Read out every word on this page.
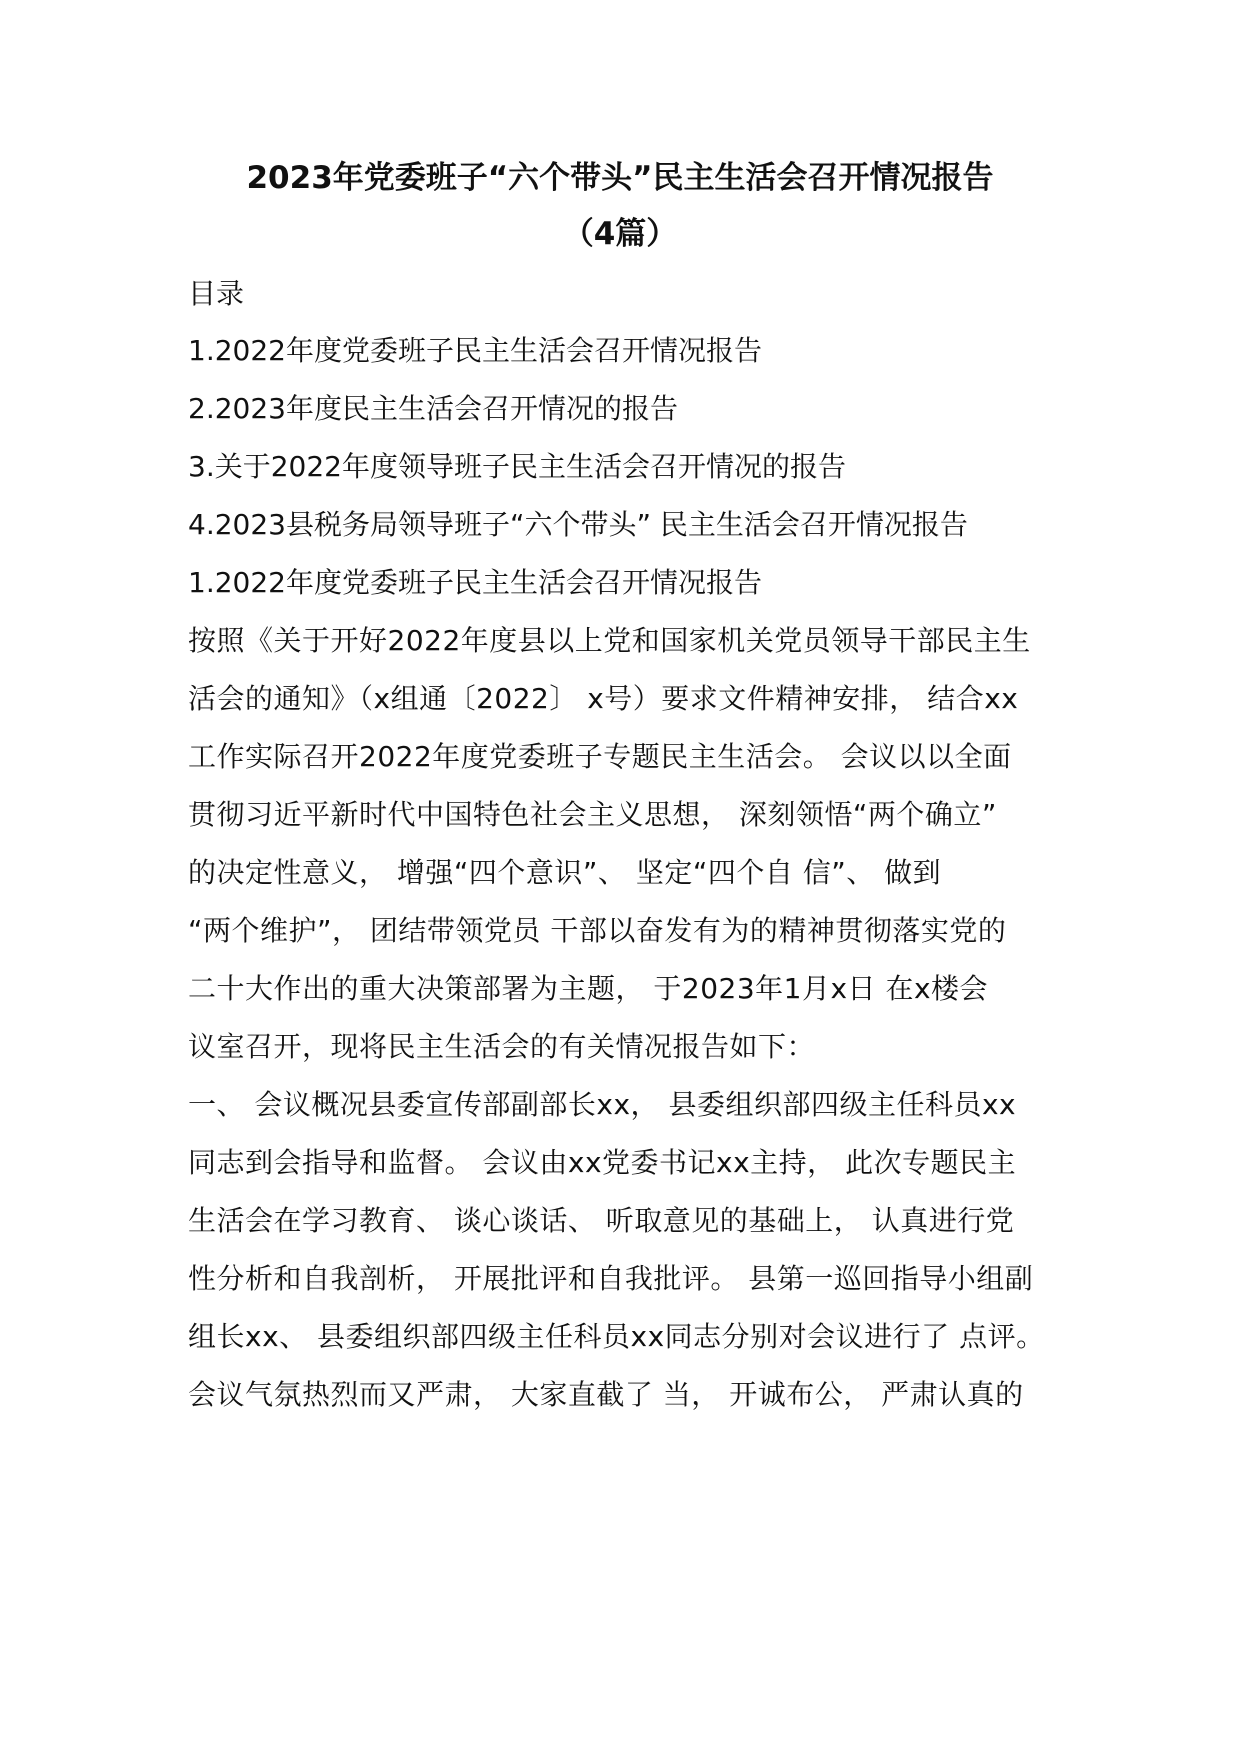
2023年党委班子“六个带头”民主生活会召开情况报告
（4篇）
目录
1.2022年度党委班子民主生活会召开情况报告
2.2023年度民主生活会召开情况的报告
3.关于2022年度领导班子民主生活会召开情况的报告
4.2023县税务局领导班子“六个带头” 民主生活会召开情况报告
1.2022年度党委班子民主生活会召开情况报告
按照《关于开好2022年度县以上党和国家机关党员领导干部民主生
活会的通知》（x组通〔2022〕 x号）要求文件精神安排， 结合xx
工作实际召开2022年度党委班子专题民主生活会。 会议以以全面
贯彻习近平新时代中国特色社会主义思想， 深刻领悟“两个确立”
的决定性意义， 增强“四个意识”、 坚定“四个自 信”、 做到
“两个维护”， 团结带领党员 干部以奋发有为的精神贯彻落实党的
二十大作出的重大决策部署为主题， 于2023年1月x日 在x楼会
议室召开，现将民主生活会的有关情况报告如下：
一、 会议概况县委宣传部副部长xx， 县委组织部四级主任科员xx
同志到会指导和监督。 会议由xx党委书记xx主持， 此次专题民主
生活会在学习教育、 谈心谈话、 听取意见的基础上， 认真进行党
性分析和自我剖析， 开展批评和自我批评。 县第一巡回指导小组副
组长xx、 县委组织部四级主任科员xx同志分别对会议进行了 点评。
会议气氛热烈而又严肃， 大家直截了 当， 开诚布公， 严肃认真的
